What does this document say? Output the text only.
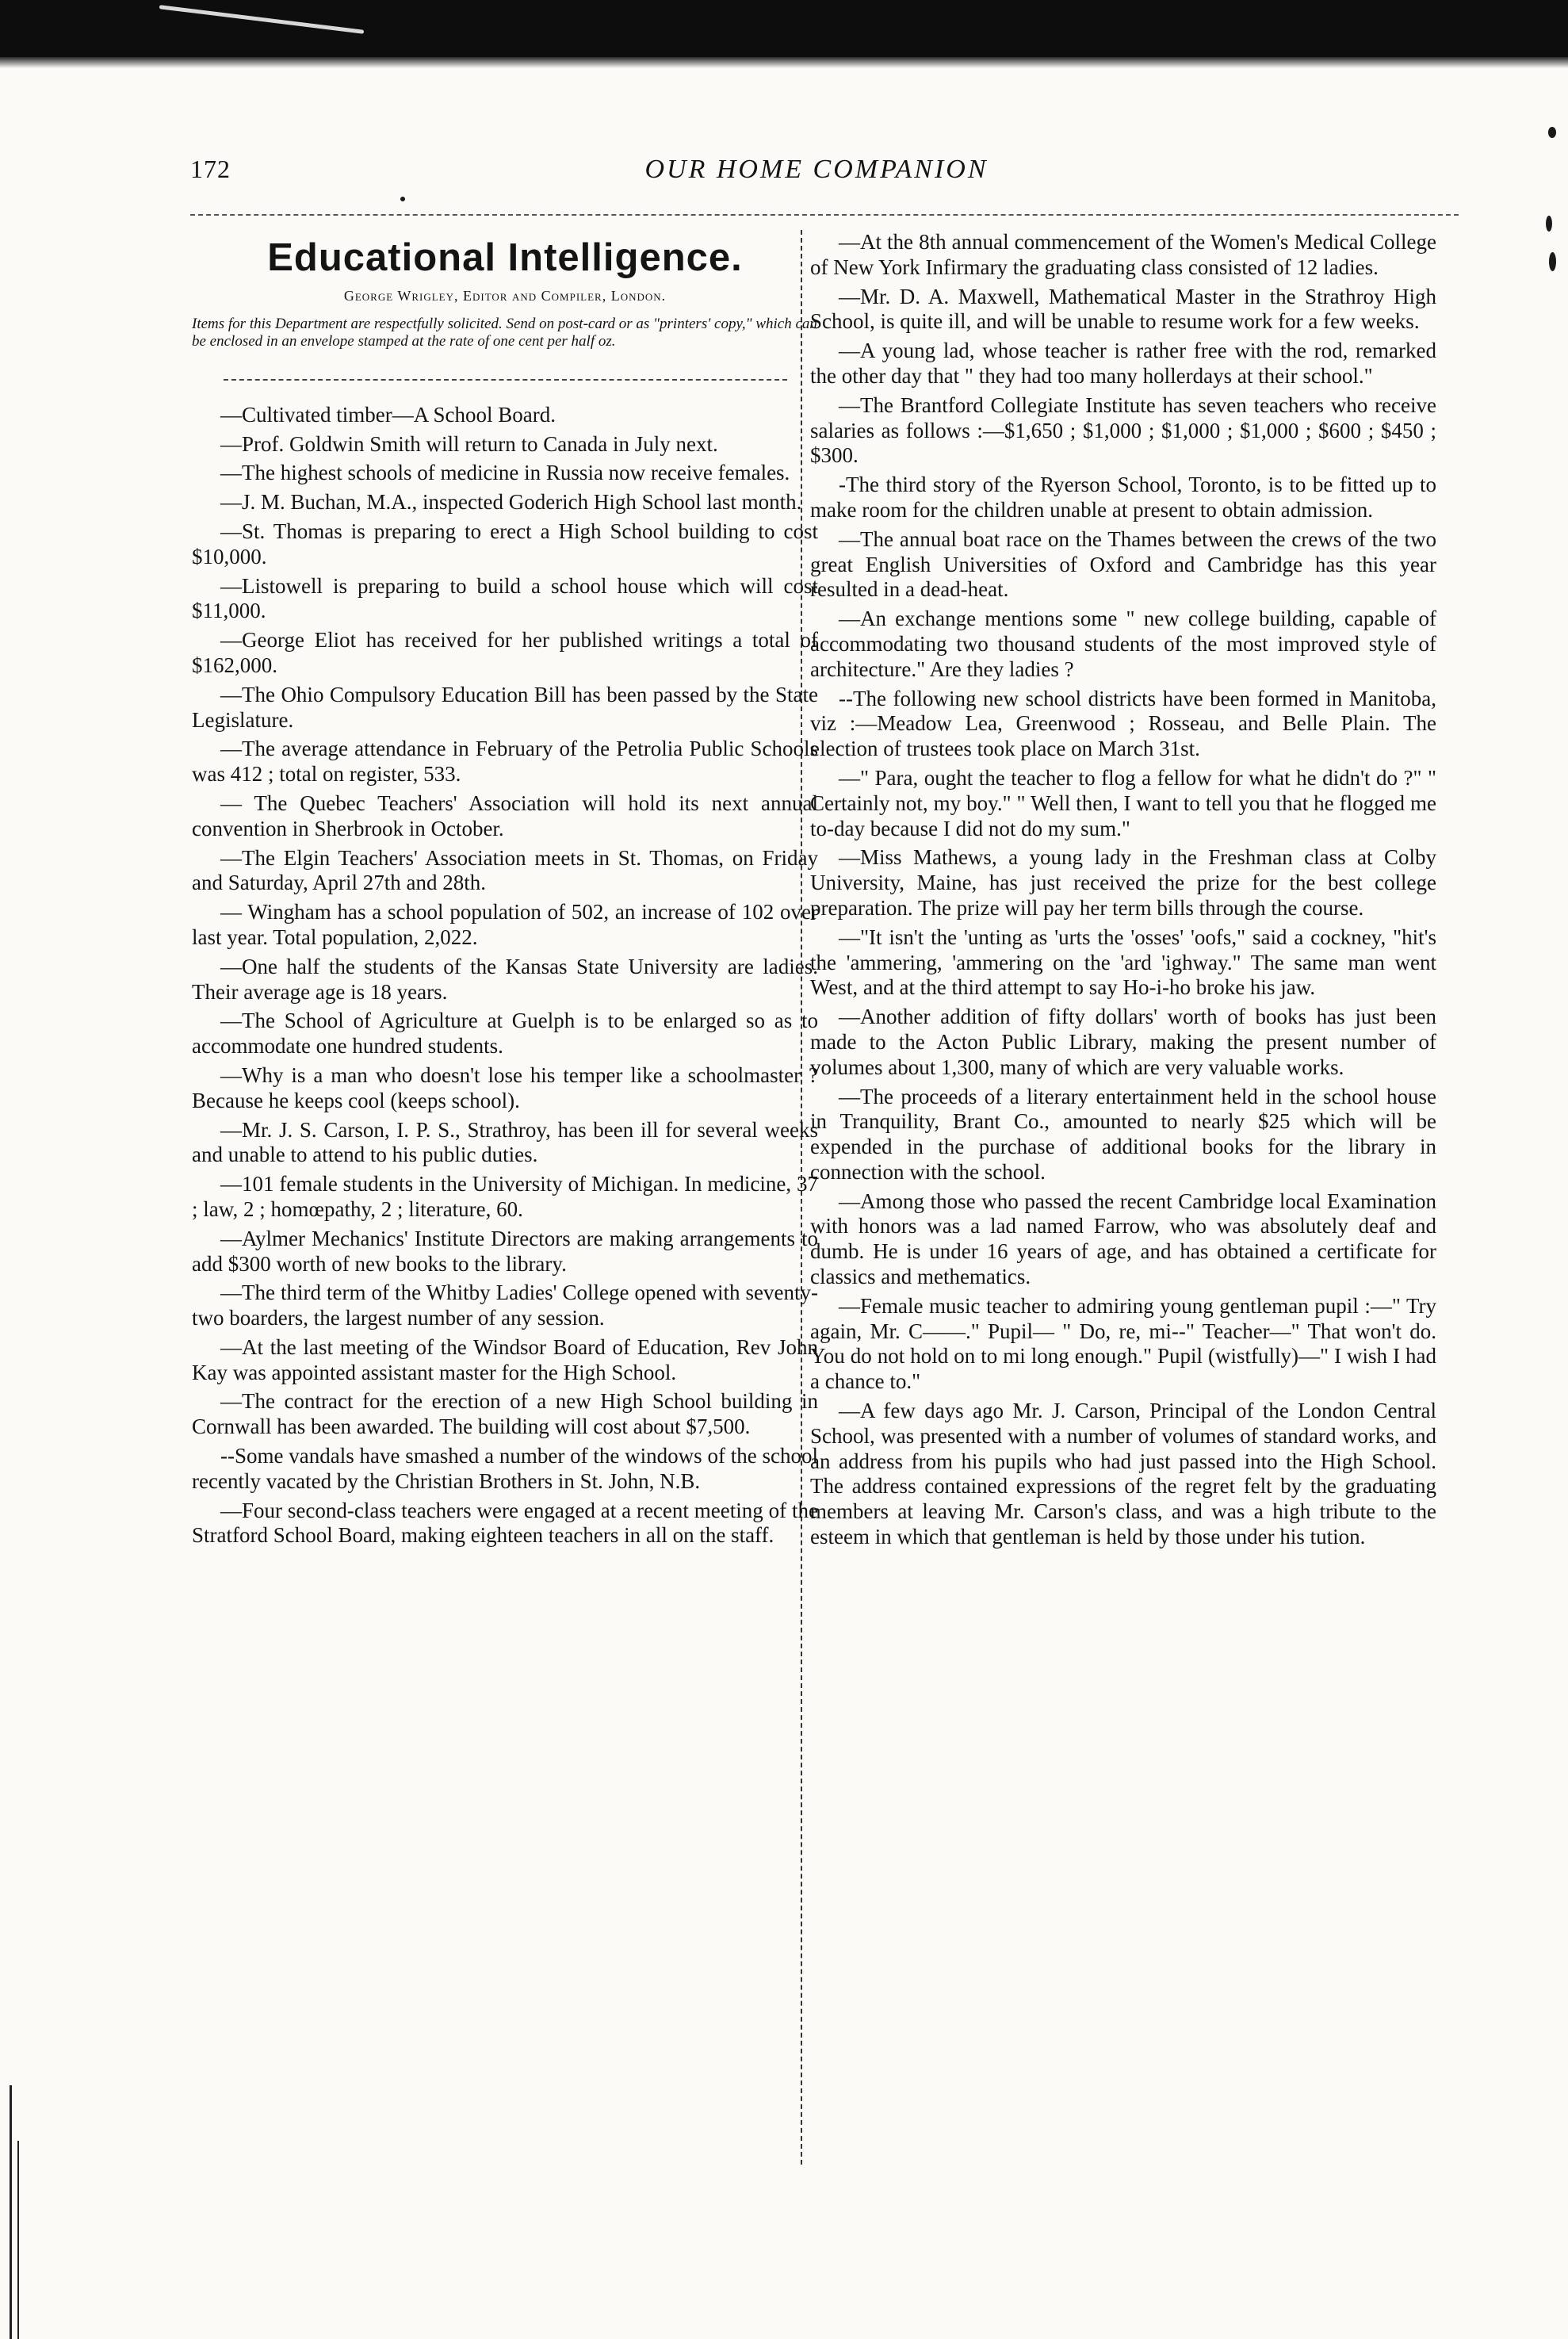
172	OUR HOME COMPANION
Educational Intelligence.
George Wrigley, Editor and Compiler, London.
Items for this Department are respectfully solicited. Send on post-card or as "printers' copy," which can be enclosed in an envelope stamped at the rate of one cent per half oz.

—Cultivated timber—A School Board.

—Prof. Goldwin Smith will return to Canada in July next.

—The highest schools of medicine in Russia now receive females.

—J. M. Buchan, M.A., inspected Goderich High School last month.

—St. Thomas is preparing to erect a High School building to cost $10,000.

—Listowell is preparing to build a school house which will cost $11,000.

—George Eliot has received for her published writings a total of $162,000.

—The Ohio Compulsory Education Bill has been passed by the State Legislature.

—The average attendance in February of the Petrolia Public Schools was 412 ; total on register, 533.

— The Quebec Teachers' Association will hold its next annual convention in Sherbrook in October.

—The Elgin Teachers' Association meets in St. Thomas, on Friday and Saturday, April 27th and 28th.

— Wingham has a school population of 502, an increase of 102 over last year. Total population, 2,022.

—One half the students of the Kansas State University are ladies. Their average age is 18 years.

—The School of Agriculture at Guelph is to be enlarged so as to accommodate one hundred students.

—Why is a man who doesn't lose his temper like a schoolmaster ? Because he keeps cool (keeps school).

—Mr. J. S. Carson, I. P. S., Strathroy, has been ill for several weeks and unable to attend to his public duties.

—101 female students in the University of Michigan. In medicine, 37 ; law, 2 ; homœpathy, 2 ; literature, 60.

—Aylmer Mechanics' Institute Directors are making arrangements to add $300 worth of new books to the library.

—The third term of the Whitby Ladies' College opened with seventy-two boarders, the largest number of any session.

—At the last meeting of the Windsor Board of Education, Rev John Kay was appointed assistant master for the High School.

—The contract for the erection of a new High School building in Cornwall has been awarded. The building will cost about $7,500.

--Some vandals have smashed a number of the windows of the school recently vacated by the Christian Brothers in St. John, N.B.

—Four second-class teachers were engaged at a recent meeting of the Stratford School Board, making eighteen teachers in all on the staff.

—At the 8th annual commencement of the Women's Medical College of New York Infirmary the graduating class consisted of 12 ladies.

—Mr. D. A. Maxwell, Mathematical Master in the Strathroy High School, is quite ill, and will be unable to resume work for a few weeks.

—A young lad, whose teacher is rather free with the rod, remarked the other day that " they had too many hollerdays at their school."

—The Brantford Collegiate Institute has seven teachers who receive salaries as follows :—$1,650 ; $1,000 ; $1,000 ; $1,000 ; $600 ; $450 ; $300.

-The third story of the Ryerson School, Toronto, is to be fitted up to make room for the children unable at present to obtain admission.

—The annual boat race on the Thames between the crews of the two great English Universities of Oxford and Cambridge has this year resulted in a dead-heat.

—An exchange mentions some " new college building, capable of accommodating two thousand students of the most improved style of architecture." Are they ladies ?

--The following new school districts have been formed in Manitoba, viz :—Meadow Lea, Greenwood ; Rosseau, and Belle Plain. The election of trustees took place on March 31st.

—" Para, ought the teacher to flog a fellow for what he didn't do ?" " Certainly not, my boy." " Well then, I want to tell you that he flogged me to-day because I did not do my sum."

—Miss Mathews, a young lady in the Freshman class at Colby University, Maine, has just received the prize for the best college preparation. The prize will pay her term bills through the course.

—"It isn't the 'unting as 'urts the 'osses' 'oofs," said a cockney, "hit's the 'ammering, 'ammering on the 'ard 'ighway." The same man went West, and at the third attempt to say Ho-i-ho broke his jaw.

—Another addition of fifty dollars' worth of books has just been made to the Acton Public Library, making the present number of volumes about 1,300, many of which are very valuable works.

—The proceeds of a literary entertainment held in the school house in Tranquility, Brant Co., amounted to nearly $25 which will be expended in the purchase of additional books for the library in connection with the school.

—Among those who passed the recent Cambridge local Examination with honors was a lad named Farrow, who was absolutely deaf and dumb. He is under 16 years of age, and has obtained a certificate for classics and methematics.

—Female music teacher to admiring young gentleman pupil :—" Try again, Mr. C——." Pupil— " Do, re, mi--" Teacher—" That won't do. You do not hold on to mi long enough." Pupil (wistfully)—" I wish I had a chance to."

—A few days ago Mr. J. Carson, Principal of the London Central School, was presented with a number of volumes of standard works, and an address from his pupils who had just passed into the High School. The address contained expressions of the regret felt by the graduating members at leaving Mr. Carson's class, and was a high tribute to the esteem in which that gentleman is held by those under his tution.
